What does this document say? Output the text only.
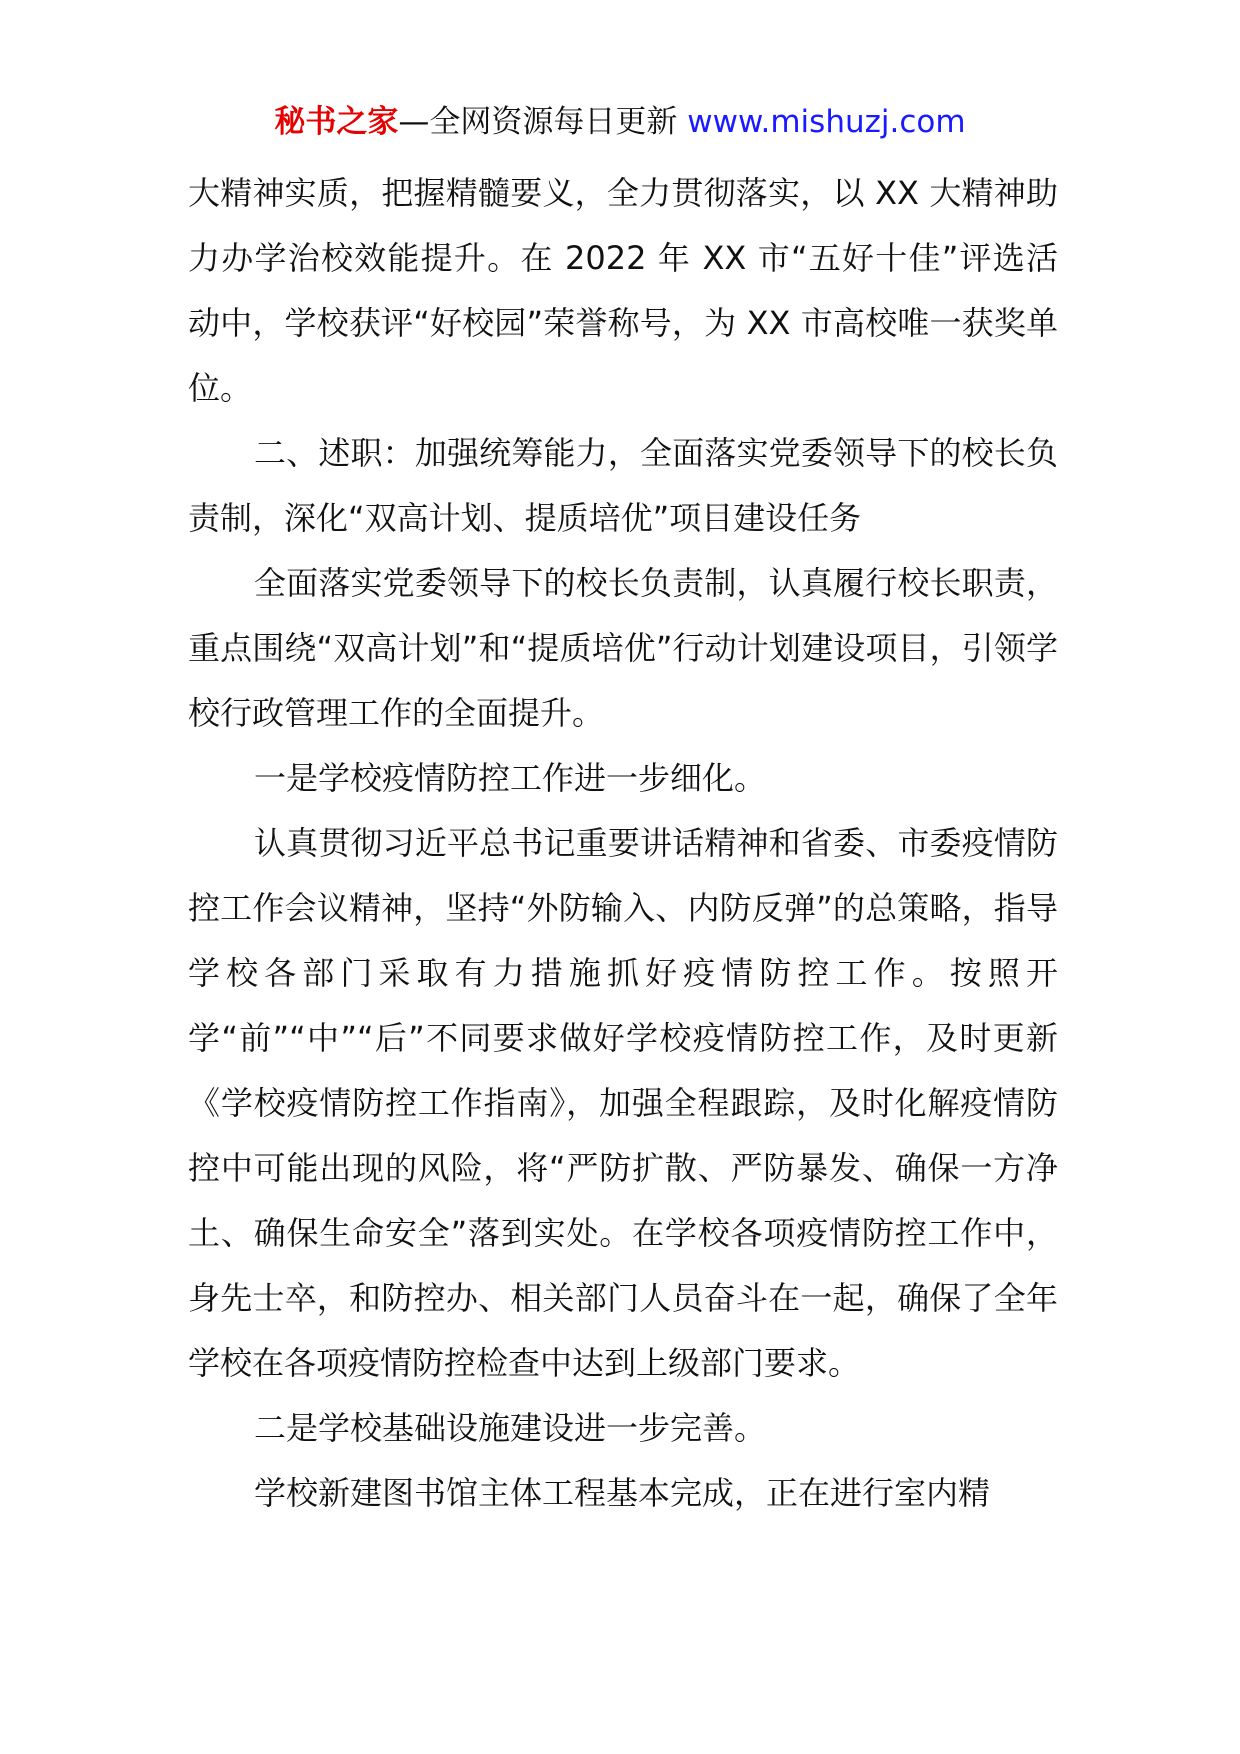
秘书之家—全网资源每日更新 www.mishuzj.com

大精神实质，把握精髓要义，全力贯彻落实，以 XX 大精神助力办学治校效能提升。在 2022 年 XX 市“五好十佳”评选活动中，学校获评“好校园”荣誉称号，为 XX 市高校唯一获奖单位。

二、述职：加强统筹能力，全面落实党委领导下的校长负责制，深化“双高计划、提质培优”项目建设任务

全面落实党委领导下的校长负责制，认真履行校长职责，重点围绕“双高计划”和“提质培优”行动计划建设项目，引领学校行政管理工作的全面提升。

一是学校疫情防控工作进一步细化。

认真贯彻习近平总书记重要讲话精神和省委、市委疫情防控工作会议精神，坚持“外防输入、内防反弹”的总策略，指导学校各部门采取有力措施抓好疫情防控工作。按照开学“前”“中”“后”不同要求做好学校疫情防控工作，及时更新《学校疫情防控工作指南》，加强全程跟踪，及时化解疫情防控中可能出现的风险，将“严防扩散、严防暴发、确保一方净土、确保生命安全”落到实处。在学校各项疫情防控工作中，身先士卒，和防控办、相关部门人员奋斗在一起，确保了全年学校在各项疫情防控检查中达到上级部门要求。

二是学校基础设施建设进一步完善。

学校新建图书馆主体工程基本完成，正在进行室内精
